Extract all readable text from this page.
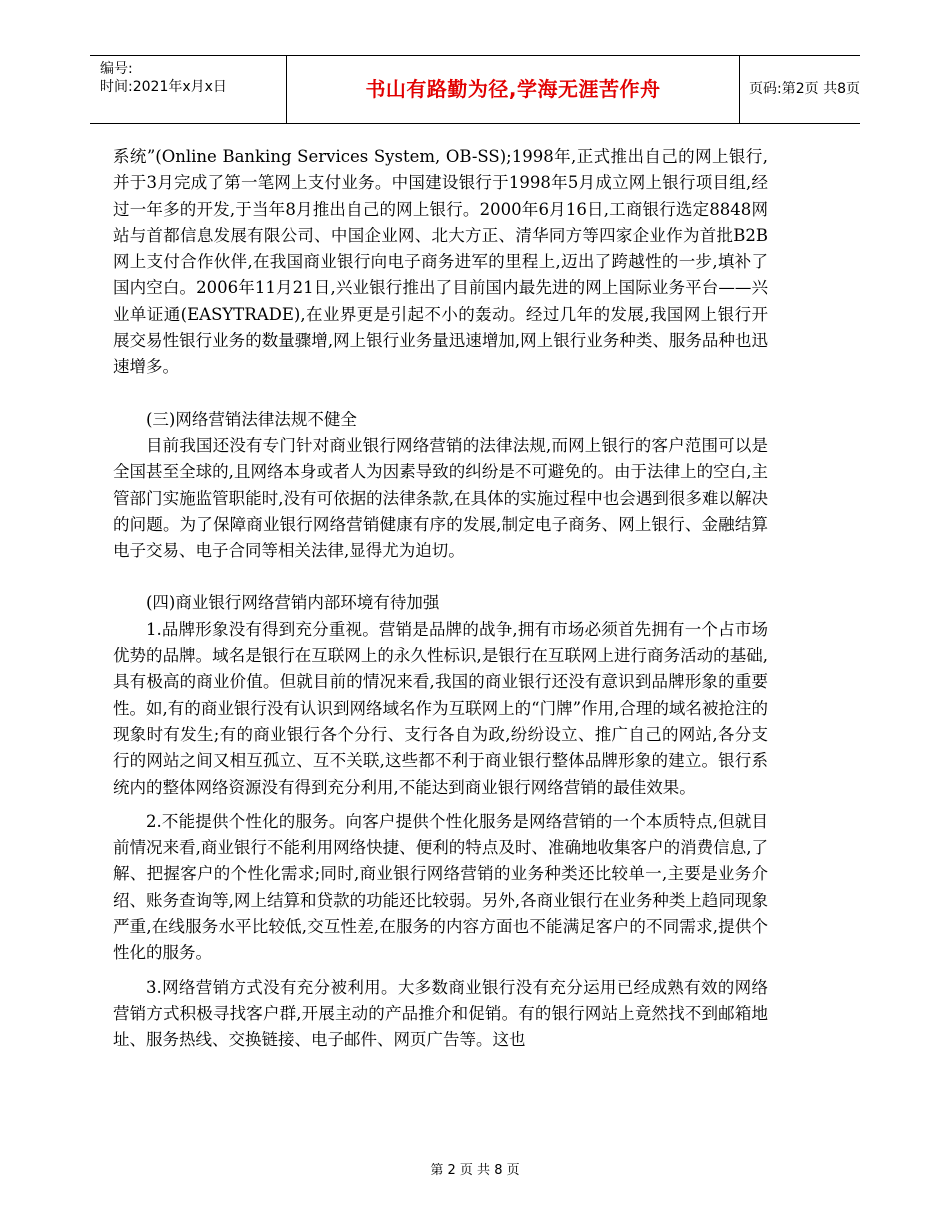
编号:
时间:2021年x月x日	书山有路勤为径,学海无涯苦作舟	页码:第2页 共8页

系统”(Online Banking Services System, OB-SS);1998年,正式推出自己的网上银行,并于3月完成了第一笔网上支付业务。中国建设银行于1998年5月成立网上银行项目组,经过一年多的开发,于当年8月推出自己的网上银行。2000年6月16日,工商银行选定8848网站与首都信息发展有限公司、中国企业网、北大方正、清华同方等四家企业作为首批B2B网上支付合作伙伴,在我国商业银行向电子商务进军的里程上,迈出了跨越性的一步,填补了国内空白。2006年11月21日,兴业银行推出了目前国内最先进的网上国际业务平台——兴业单证通(EASYTRADE),在业界更是引起不小的轰动。经过几年的发展,我国网上银行开展交易性银行业务的数量骤增,网上银行业务量迅速增加,网上银行业务种类、服务品种也迅速增多。

(三)网络营销法律法规不健全

目前我国还没有专门针对商业银行网络营销的法律法规,而网上银行的客户范围可以是全国甚至全球的,且网络本身或者人为因素导致的纠纷是不可避免的。由于法律上的空白,主管部门实施监管职能时,没有可依据的法律条款,在具体的实施过程中也会遇到很多难以解决的问题。为了保障商业银行网络营销健康有序的发展,制定电子商务、网上银行、金融结算电子交易、电子合同等相关法律,显得尤为迫切。

(四)商业银行网络营销内部环境有待加强

1.品牌形象没有得到充分重视。营销是品牌的战争,拥有市场必须首先拥有一个占市场优势的品牌。域名是银行在互联网上的永久性标识,是银行在互联网上进行商务活动的基础,具有极高的商业价值。但就目前的情况来看,我国的商业银行还没有意识到品牌形象的重要性。如,有的商业银行没有认识到网络域名作为互联网上的“门牌”作用,合理的域名被抢注的现象时有发生;有的商业银行各个分行、支行各自为政,纷纷设立、推广自己的网站,各分支行的网站之间又相互孤立、互不关联,这些都不利于商业银行整体品牌形象的建立。银行系统内的整体网络资源没有得到充分利用,不能达到商业银行网络营销的最佳效果。

2.不能提供个性化的服务。向客户提供个性化服务是网络营销的一个本质特点,但就目前情况来看,商业银行不能利用网络快捷、便利的特点及时、准确地收集客户的消费信息,了解、把握客户的个性化需求;同时,商业银行网络营销的业务种类还比较单一,主要是业务介绍、账务查询等,网上结算和贷款的功能还比较弱。另外,各商业银行在业务种类上趋同现象严重,在线服务水平比较低,交互性差,在服务的内容方面也不能满足客户的不同需求,提供个性化的服务。

3.网络营销方式没有充分被利用。大多数商业银行没有充分运用已经成熟有效的网络营销方式积极寻找客户群,开展主动的产品推介和促销。有的银行网站上竟然找不到邮箱地址、服务热线、交换链接、电子邮件、网页广告等。这也

第 2 页 共 8 页
